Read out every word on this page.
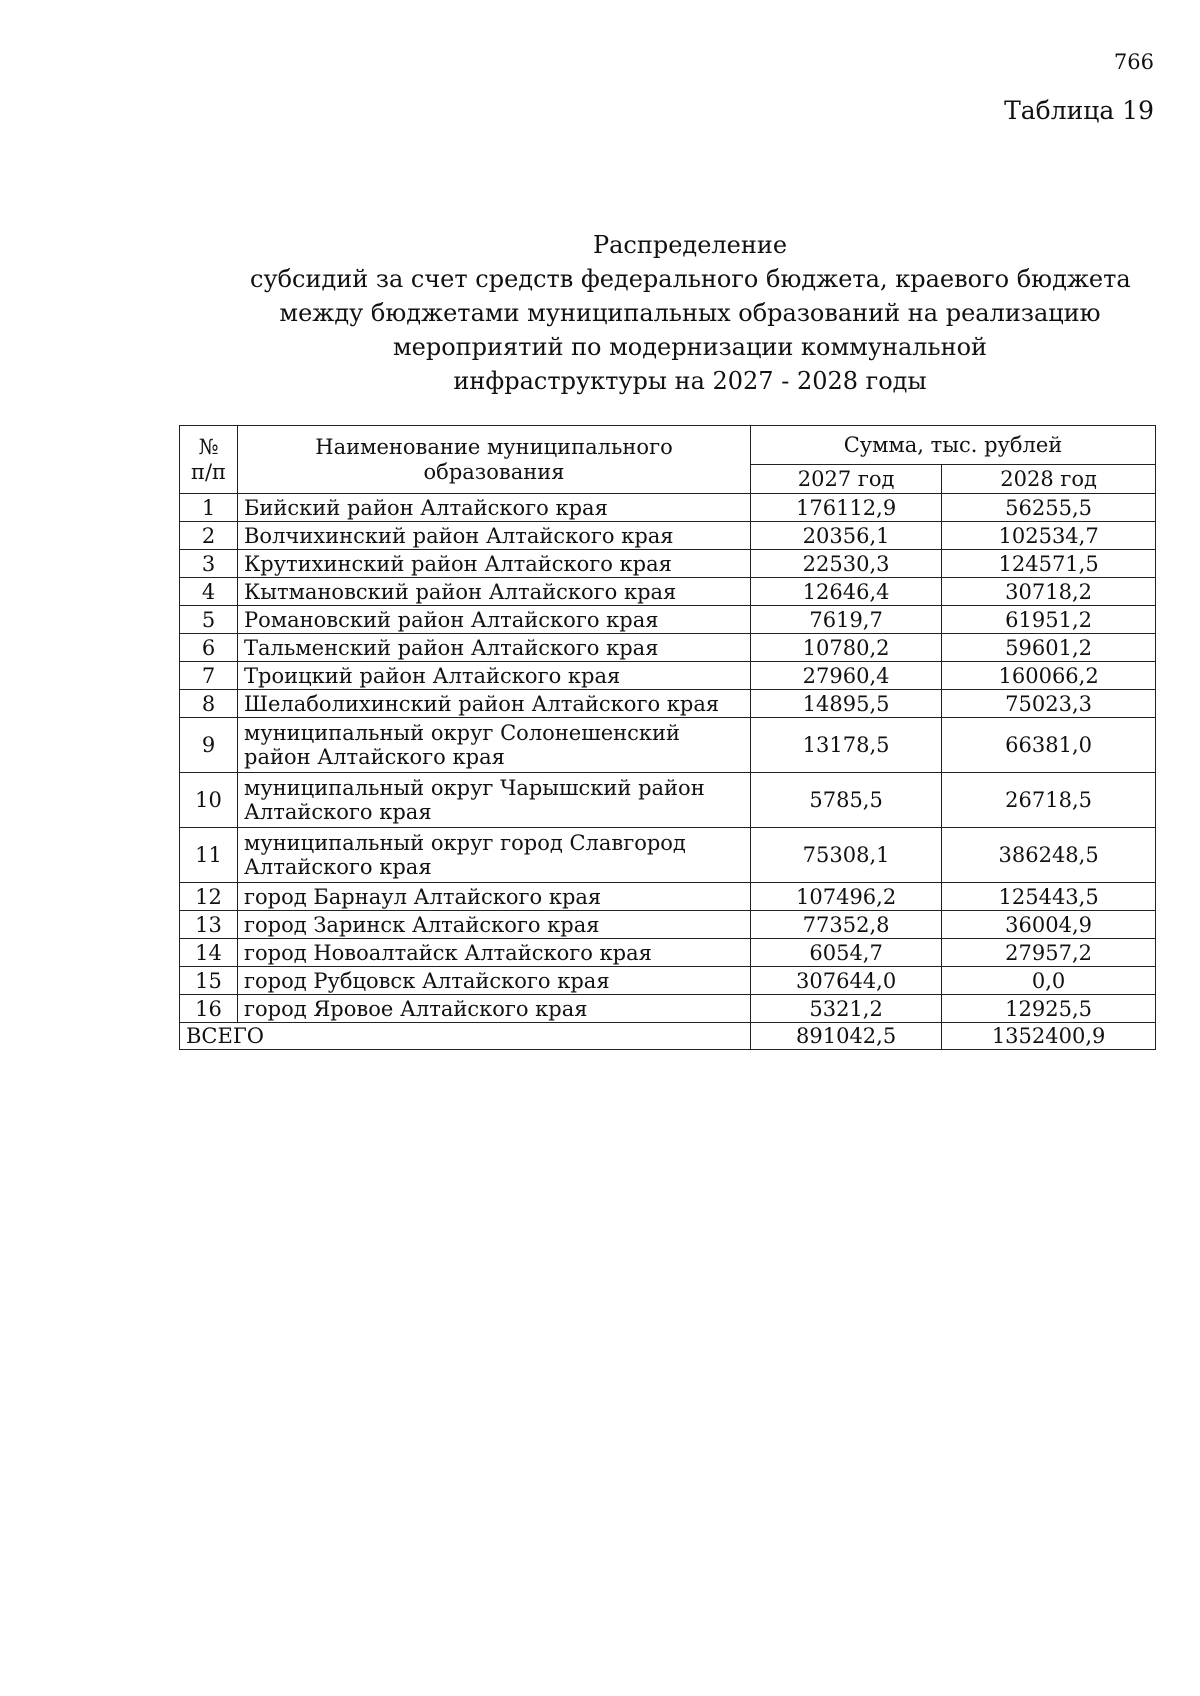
766
Таблица 19
Распределение
субсидий за счет средств федерального бюджета, краевого бюджета
между бюджетами муниципальных образований на реализацию
мероприятий по модернизации коммунальной
инфраструктуры на 2027 - 2028 годы
№ п/п	Наименование муниципального образования	Сумма, тыс. рублей	
		2027 год	2028 год
1	Бийский район Алтайского края	176112,9	56255,5
2	Волчихинский район Алтайского края	20356,1	102534,7
3	Крутихинский район Алтайского края	22530,3	124571,5
4	Кытмановский район Алтайского края	12646,4	30718,2
5	Романовский район Алтайского края	7619,7	61951,2
6	Тальменский район Алтайского края	10780,2	59601,2
7	Троицкий район Алтайского края	27960,4	160066,2
8	Шелаболихинский район Алтайского края	14895,5	75023,3
9	муниципальный округ Солонешенский район Алтайского края	13178,5	66381,0
10	муниципальный округ Чарышский район Алтайского края	5785,5	26718,5
11	муниципальный округ город Славгород Алтайского края	75308,1	386248,5
12	город Барнаул Алтайского края	107496,2	125443,5
13	город Заринск Алтайского края	77352,8	36004,9
14	город Новоалтайск Алтайского края	6054,7	27957,2
15	город Рубцовск Алтайского края	307644,0	0,0
16	город Яровое Алтайского края	5321,2	12925,5
ВСЕГО		891042,5	1352400,9
